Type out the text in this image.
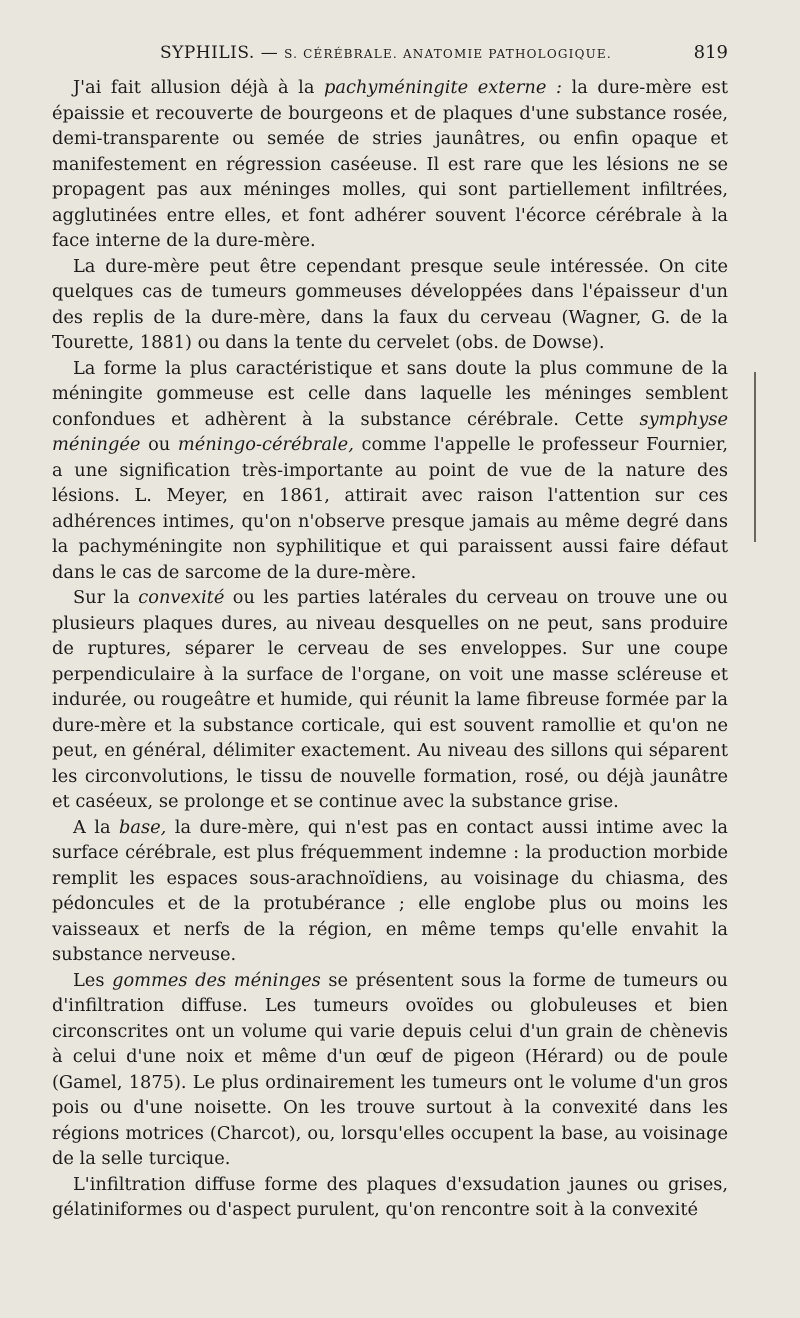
SYPHILIS. — S. CÉRÉBRALE. ANATOMIE PATHOLOGIQUE.	819

J'ai fait allusion déjà à la pachyméningite externe : la dure-mère est épaissie et recouverte de bourgeons et de plaques d'une substance rosée, demi-transparente ou semée de stries jaunâtres, ou enfin opaque et manifestement en régression caséeuse. Il est rare que les lésions ne se propagent pas aux méninges molles, qui sont partiellement infiltrées, agglutinées entre elles, et font adhérer souvent l'écorce cérébrale à la face interne de la dure-mère.

La dure-mère peut être cependant presque seule intéressée. On cite quelques cas de tumeurs gommeuses développées dans l'épaisseur d'un des replis de la dure-mère, dans la faux du cerveau (Wagner, G. de la Tourette, 1881) ou dans la tente du cervelet (obs. de Dowse).

La forme la plus caractéristique et sans doute la plus commune de la méningite gommeuse est celle dans laquelle les méninges semblent confondues et adhèrent à la substance cérébrale. Cette symphyse méningée ou méningo-cérébrale, comme l'appelle le professeur Fournier, a une signification très-importante au point de vue de la nature des lésions. L. Meyer, en 1861, attirait avec raison l'attention sur ces adhérences intimes, qu'on n'observe presque jamais au même degré dans la pachyméningite non syphilitique et qui paraissent aussi faire défaut dans le cas de sarcome de la dure-mère.

Sur la convexité ou les parties latérales du cerveau on trouve une ou plusieurs plaques dures, au niveau desquelles on ne peut, sans produire de ruptures, séparer le cerveau de ses enveloppes. Sur une coupe perpendiculaire à la surface de l'organe, on voit une masse scléreuse et indurée, ou rougeâtre et humide, qui réunit la lame fibreuse formée par la dure-mère et la substance corticale, qui est souvent ramollie et qu'on ne peut, en général, délimiter exactement. Au niveau des sillons qui séparent les circonvolutions, le tissu de nouvelle formation, rosé, ou déjà jaunâtre et caséeux, se prolonge et se continue avec la substance grise.

A la base, la dure-mère, qui n'est pas en contact aussi intime avec la surface cérébrale, est plus fréquemment indemne : la production morbide remplit les espaces sous-arachnoïdiens, au voisinage du chiasma, des pédoncules et de la protubérance ; elle englobe plus ou moins les vaisseaux et nerfs de la région, en même temps qu'elle envahit la substance nerveuse.

Les gommes des méninges se présentent sous la forme de tumeurs ou d'infiltration diffuse. Les tumeurs ovoïdes ou globuleuses et bien circonscrites ont un volume qui varie depuis celui d'un grain de chènevis à celui d'une noix et même d'un œuf de pigeon (Hérard) ou de poule (Gamel, 1875). Le plus ordinairement les tumeurs ont le volume d'un gros pois ou d'une noisette. On les trouve surtout à la convexité dans les régions motrices (Charcot), ou, lorsqu'elles occupent la base, au voisinage de la selle turcique.

L'infiltration diffuse forme des plaques d'exsudation jaunes ou grises, gélatiniformes ou d'aspect purulent, qu'on rencontre soit à la convexité
